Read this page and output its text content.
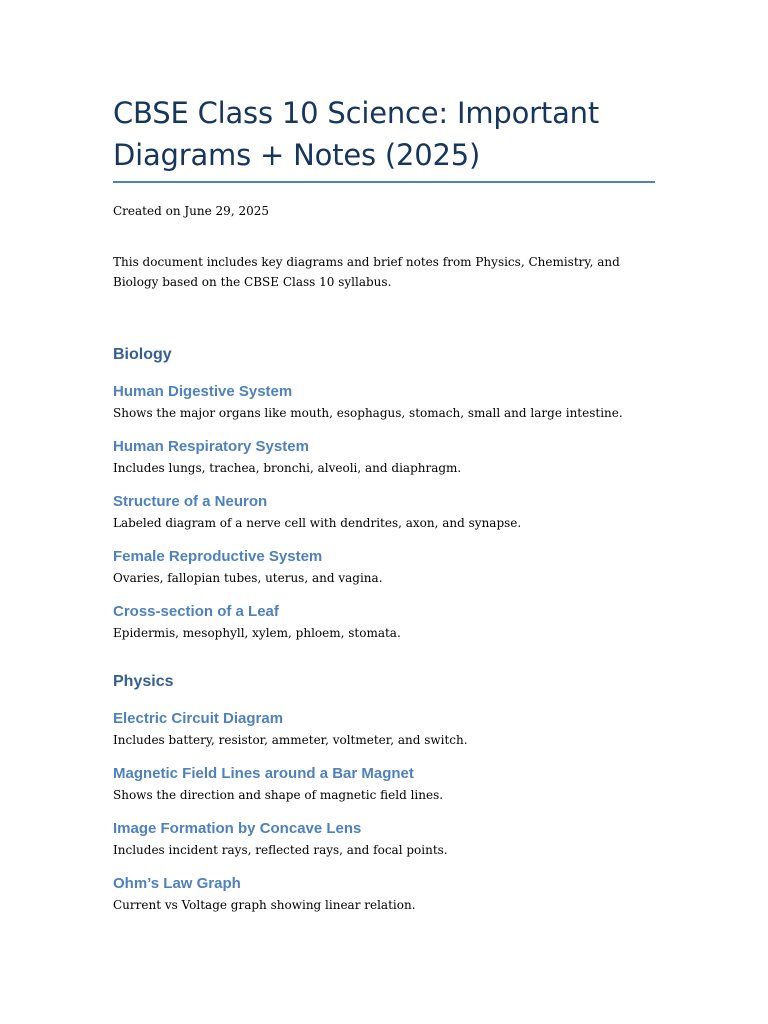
CBSE Class 10 Science: Important Diagrams + Notes (2025)

Created on June 29, 2025

This document includes key diagrams and brief notes from Physics, Chemistry, and Biology based on the CBSE Class 10 syllabus.

Biology
Human Digestive System

Shows the major organs like mouth, esophagus, stomach, small and large intestine.

Human Respiratory System

Includes lungs, trachea, bronchi, alveoli, and diaphragm.

Structure of a Neuron

Labeled diagram of a nerve cell with dendrites, axon, and synapse.

Female Reproductive System

Ovaries, fallopian tubes, uterus, and vagina.

Cross-section of a Leaf

Epidermis, mesophyll, xylem, phloem, stomata.

Physics
Electric Circuit Diagram

Includes battery, resistor, ammeter, voltmeter, and switch.

Magnetic Field Lines around a Bar Magnet

Shows the direction and shape of magnetic field lines.

Image Formation by Concave Lens

Includes incident rays, reflected rays, and focal points.

Ohm’s Law Graph

Current vs Voltage graph showing linear relation.
